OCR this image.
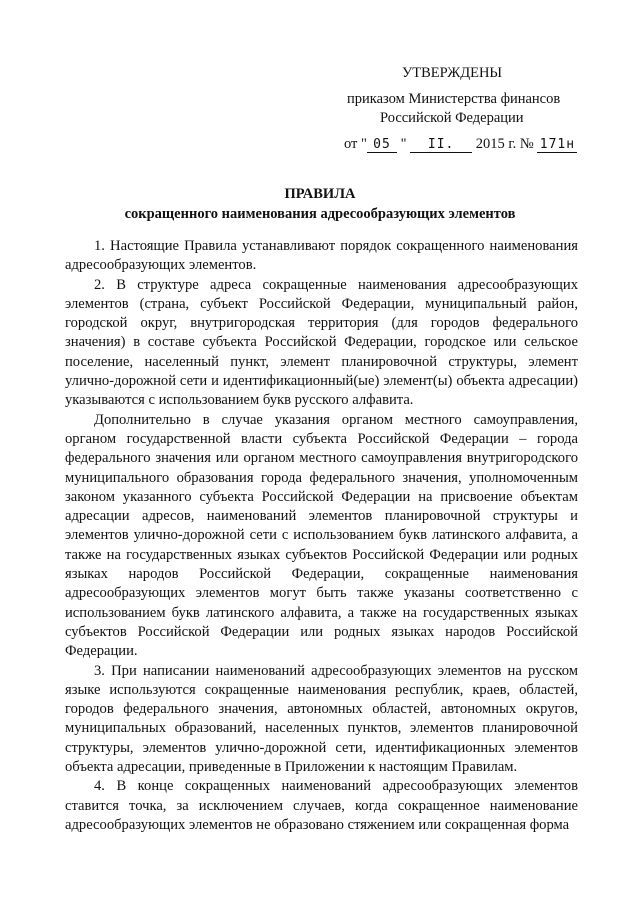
УТВЕРЖДЕНЫ
приказом Министерства финансов
Российской Федерации
от " 05 " II. 2015 г. № 171н
ПРАВИЛА
сокращенного наименования адресообразующих элементов

1. Настоящие Правила устанавливают порядок сокращенного наименования адресообразующих элементов.

2. В структуре адреса сокращенные наименования адресообразующих элементов (страна, субъект Российской Федерации, муниципальный район, городской округ, внутригородская территория (для городов федерального значения) в составе субъекта Российской Федерации, городское или сельское поселение, населенный пункт, элемент планировочной структуры, элемент улично-дорожной сети и идентификационный(ые) элемент(ы) объекта адресации) указываются с использованием букв русского алфавита.

Дополнительно в случае указания органом местного самоуправления, органом государственной власти субъекта Российской Федерации – города федерального значения или органом местного самоуправления внутригородского муниципального образования города федерального значения, уполномоченным законом указанного субъекта Российской Федерации на присвоение объектам адресации адресов, наименований элементов планировочной структуры и элементов улично-дорожной сети с использованием букв латинского алфавита, а также на государственных языках субъектов Российской Федерации или родных языках народов Российской Федерации, сокращенные наименования адресообразующих элементов могут быть также указаны соответственно с использованием букв латинского алфавита, а также на государственных языках субъектов Российской Федерации или родных языках народов Российской Федерации.

3. При написании наименований адресообразующих элементов на русском языке используются сокращенные наименования республик, краев, областей, городов федерального значения, автономных областей, автономных округов, муниципальных образований, населенных пунктов, элементов планировочной структуры, элементов улично-дорожной сети, идентификационных элементов объекта адресации, приведенные в Приложении к настоящим Правилам.

4. В конце сокращенных наименований адресообразующих элементов ставится точка, за исключением случаев, когда сокращенное наименование адресообразующих элементов не образовано стяжением или сокращенная форма
